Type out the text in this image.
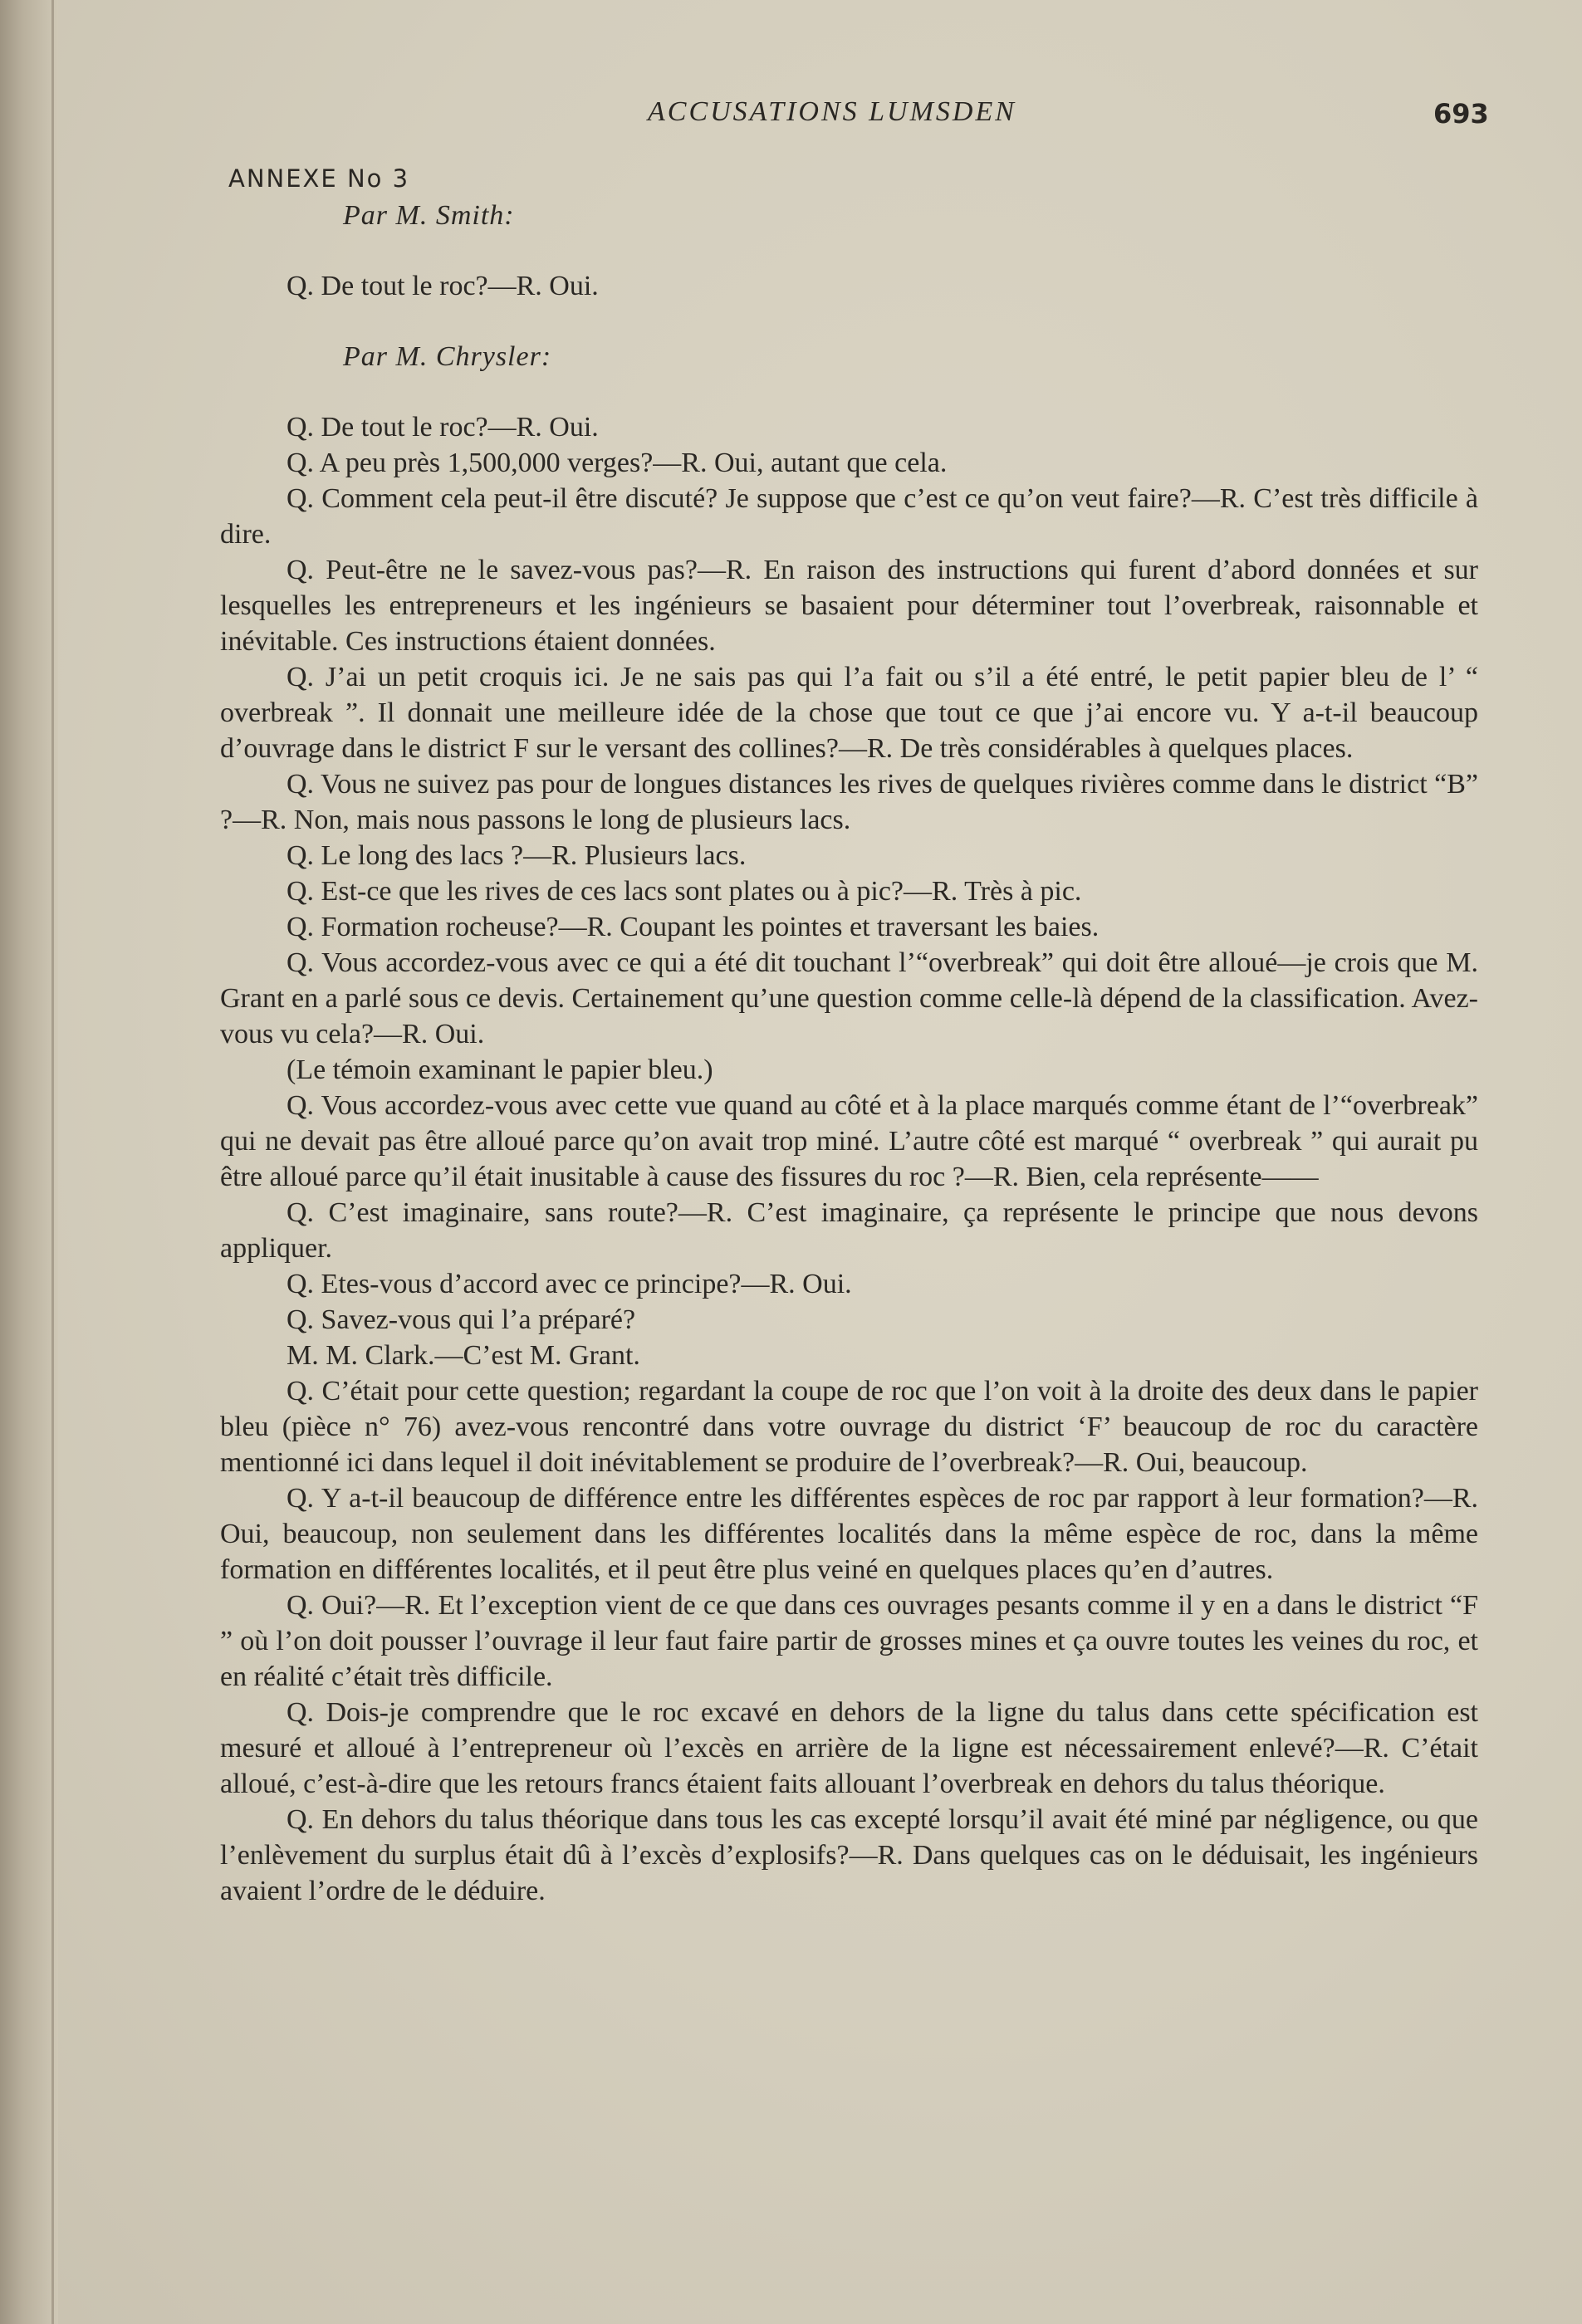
ACCUSATIONS LUMSDEN	693
ANNEXE No 3
Par M. Smith:

Q. De tout le roc?—R. Oui.

Par M. Chrysler:

Q. De tout le roc?—R. Oui.

Q. A peu près 1,500,000 verges?—R. Oui, autant que cela.

Q. Comment cela peut-il être discuté? Je suppose que c’est ce qu’on veut faire?—R. C’est très difficile à dire.

Q. Peut-être ne le savez-vous pas?—R. En raison des instructions qui furent d’abord données et sur lesquelles les entrepreneurs et les ingénieurs se basaient pour déterminer tout l’overbreak, raisonnable et inévitable. Ces instructions étaient données.

Q. J’ai un petit croquis ici. Je ne sais pas qui l’a fait ou s’il a été entré, le petit papier bleu de l’ “ overbreak ”. Il donnait une meilleure idée de la chose que tout ce que j’ai encore vu. Y a-t-il beaucoup d’ouvrage dans le district F sur le versant des collines?—R. De très considérables à quelques places.

Q. Vous ne suivez pas pour de longues distances les rives de quelques rivières comme dans le district “B” ?—R. Non, mais nous passons le long de plusieurs lacs.

Q. Le long des lacs ?—R. Plusieurs lacs.

Q. Est-ce que les rives de ces lacs sont plates ou à pic?—R. Très à pic.

Q. Formation rocheuse?—R. Coupant les pointes et traversant les baies.

Q. Vous accordez-vous avec ce qui a été dit touchant l’“overbreak” qui doit être alloué—je crois que M. Grant en a parlé sous ce devis. Certainement qu’une question comme celle-là dépend de la classification. Avez-vous vu cela?—R. Oui.

(Le témoin examinant le papier bleu.)

Q. Vous accordez-vous avec cette vue quand au côté et à la place marqués comme étant de l’“overbreak” qui ne devait pas être alloué parce qu’on avait trop miné. L’autre côté est marqué “ overbreak ” qui aurait pu être alloué parce qu’il était inusitable à cause des fissures du roc ?—R. Bien, cela représente——

Q. C’est imaginaire, sans route?—R. C’est imaginaire, ça représente le principe que nous devons appliquer.

Q. Etes-vous d’accord avec ce principe?—R. Oui.

Q. Savez-vous qui l’a préparé?

M. M. Clark.—C’est M. Grant.

Q. C’était pour cette question; regardant la coupe de roc que l’on voit à la droite des deux dans le papier bleu (pièce n° 76) avez-vous rencontré dans votre ouvrage du district ‘F’ beaucoup de roc du caractère mentionné ici dans lequel il doit inévitablement se produire de l’overbreak?—R. Oui, beaucoup.

Q. Y a-t-il beaucoup de différence entre les différentes espèces de roc par rapport à leur formation?—R. Oui, beaucoup, non seulement dans les différentes localités dans la même espèce de roc, dans la même formation en différentes localités, et il peut être plus veiné en quelques places qu’en d’autres.

Q. Oui?—R. Et l’exception vient de ce que dans ces ouvrages pesants comme il y en a dans le district “F ” où l’on doit pousser l’ouvrage il leur faut faire partir de grosses mines et ça ouvre toutes les veines du roc, et en réalité c’était très difficile.

Q. Dois-je comprendre que le roc excavé en dehors de la ligne du talus dans cette spécification est mesuré et alloué à l’entrepreneur où l’excès en arrière de la ligne est nécessairement enlevé?—R. C’était alloué, c’est-à-dire que les retours francs étaient faits allouant l’overbreak en dehors du talus théorique.

Q. En dehors du talus théorique dans tous les cas excepté lorsqu’il avait été miné par négligence, ou que l’enlèvement du surplus était dû à l’excès d’explosifs?—R. Dans quelques cas on le déduisait, les ingénieurs avaient l’ordre de le déduire.
